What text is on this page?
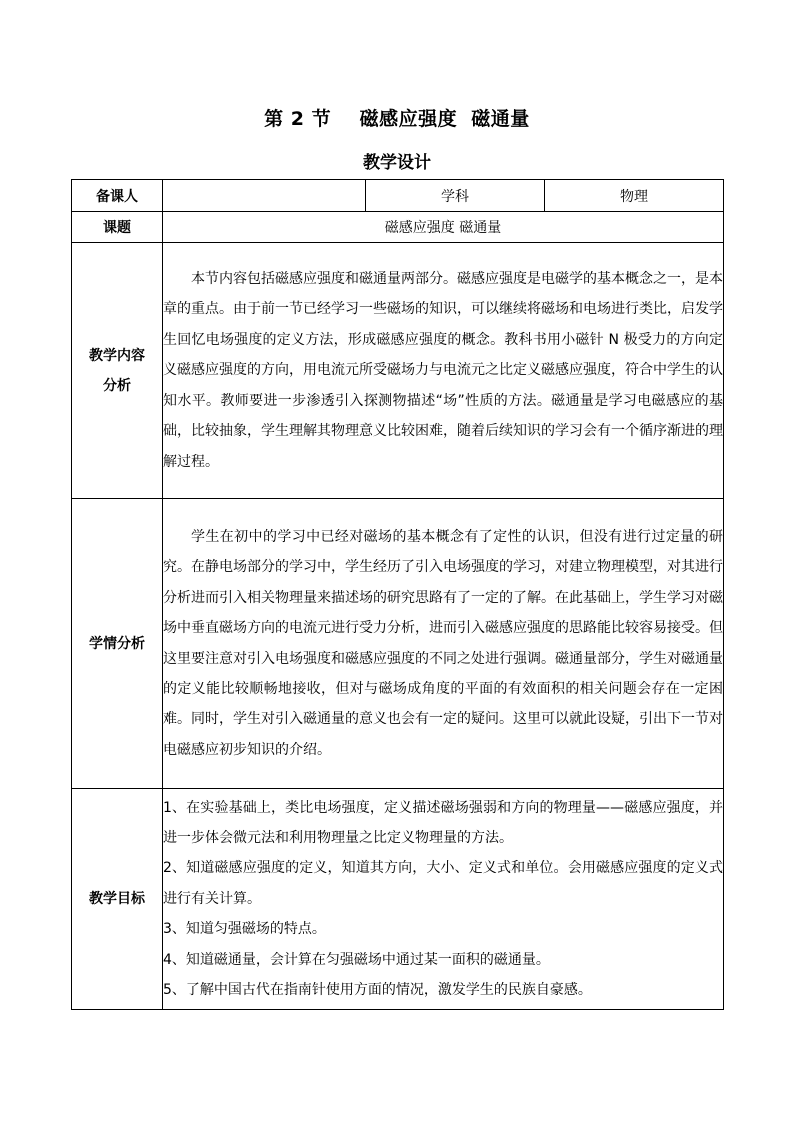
第 2 节    磁感应强度  磁通量
教学设计
备课人		学科	物理
课题	磁感应强度 磁通量		

教学内容
分析	本节内容包括磁感应强度和磁通量两部分。磁感应强度是电磁学的基本概念之一，是本章的重点。由于前一节已经学习一些磁场的知识，可以继续将磁场和电场进行类比，启发学生回忆电场强度的定义方法，形成磁感应强度的概念。教科书用小磁针 N 极受力的方向定义磁感应强度的方向，用电流元所受磁场力与电流元之比定义磁感应强度，符合中学生的认知水平。教师要进一步渗透引入探测物描述“场”性质的方法。磁通量是学习电磁感应的基础，比较抽象，学生理解其物理意义比较困难，随着后续知识的学习会有一个循序渐进的理解过程。		

学情分析	学生在初中的学习中已经对磁场的基本概念有了定性的认识，但没有进行过定量的研究。在静电场部分的学习中，学生经历了引入电场强度的学习，对建立物理模型，对其进行分析进而引入相关物理量来描述场的研究思路有了一定的了解。在此基础上，学生学习对磁场中垂直磁场方向的电流元进行受力分析，进而引入磁感应强度的思路能比较容易接受。但这里要注意对引入电场强度和磁感应强度的不同之处进行强调。磁通量部分，学生对磁通量的定义能比较顺畅地接收，但对与磁场成角度的平面的有效面积的相关问题会存在一定困难。同时，学生对引入磁通量的意义也会有一定的疑问。这里可以就此设疑，引出下一节对电磁感应初步知识的介绍。		

教学目标	1、在实验基础上，类比电场强度，定义描述磁场强弱和方向的物理量——磁感应强度，并进一步体会微元法和利用物理量之比定义物理量的方法。

2、知道磁感应强度的定义，知道其方向，大小、定义式和单位。会用磁感应强度的定义式进行有关计算。

3、知道匀强磁场的特点。

4、知道磁通量，会计算在匀强磁场中通过某一面积的磁通量。

5、了解中国古代在指南针使用方面的情况，激发学生的民族自豪感。		
